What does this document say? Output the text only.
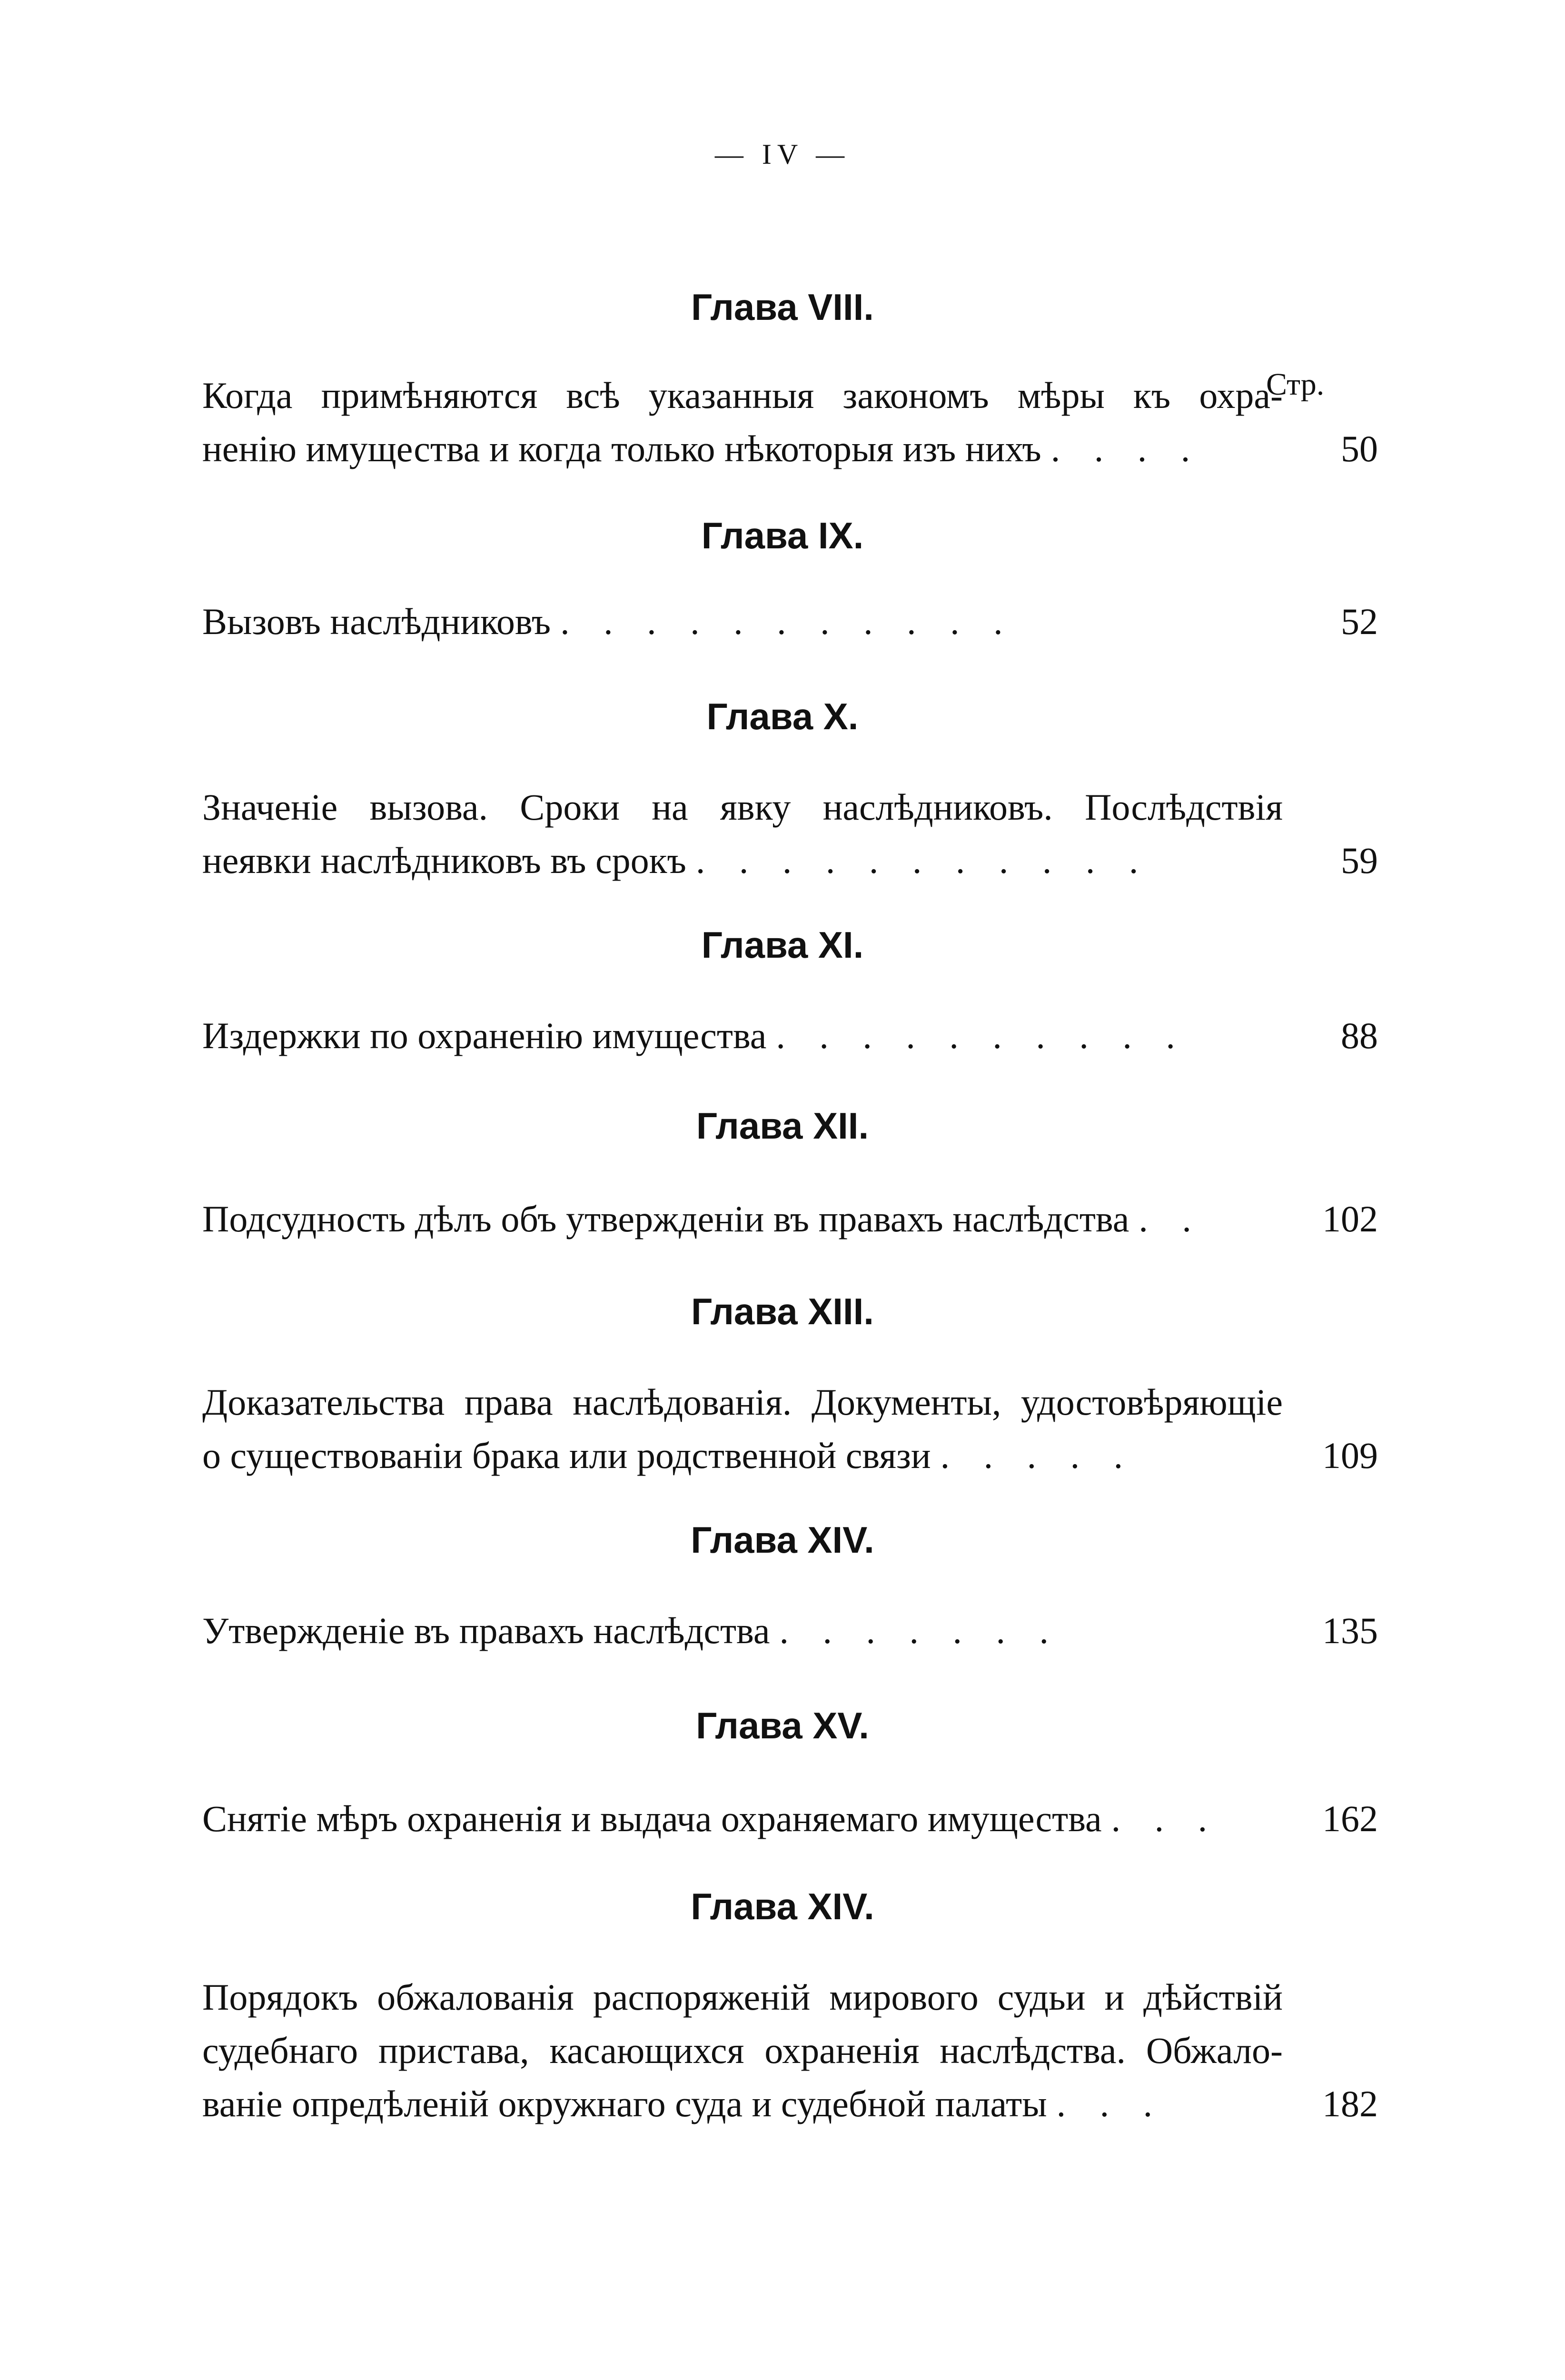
— IV —
Стр.
Глава VIII.
Когда примѣняются всѣ указанныя закономъ мѣры къ охра-
ненію имущества и когда только нѣкоторыя изъ нихъ . . . .	50
Глава IX.
Вызовъ наслѣдниковъ . . . . . . . . . . .	52
Глава X.
Значеніе вызова. Сроки на явку наслѣдниковъ. Послѣдствія
неявки наслѣдниковъ въ срокъ . . . . . . . . . . .	59
Глава XI.
Издержки по охраненію имущества . . . . . . . . . .	88
Глава XII.
Подсудность дѣлъ объ утвержденіи въ правахъ наслѣдства . .	102
Глава XIII.
Доказательства права наслѣдованія. Документы, удостовѣряющіе
о существованіи брака или родственной связи . . . . .	109
Глава XIV.
Утвержденіе въ правахъ наслѣдства . . . . . . .	135
Глава XV.
Снятіе мѣръ охраненія и выдача охраняемаго имущества . . .	162
Глава XIV.
Порядокъ обжалованія распоряженій мирового судьи и дѣйствій
судебнаго пристава, касающихся охраненія наслѣдства. Обжало-
ваніе опредѣленій окружнаго суда и судебной палаты . . .	182
